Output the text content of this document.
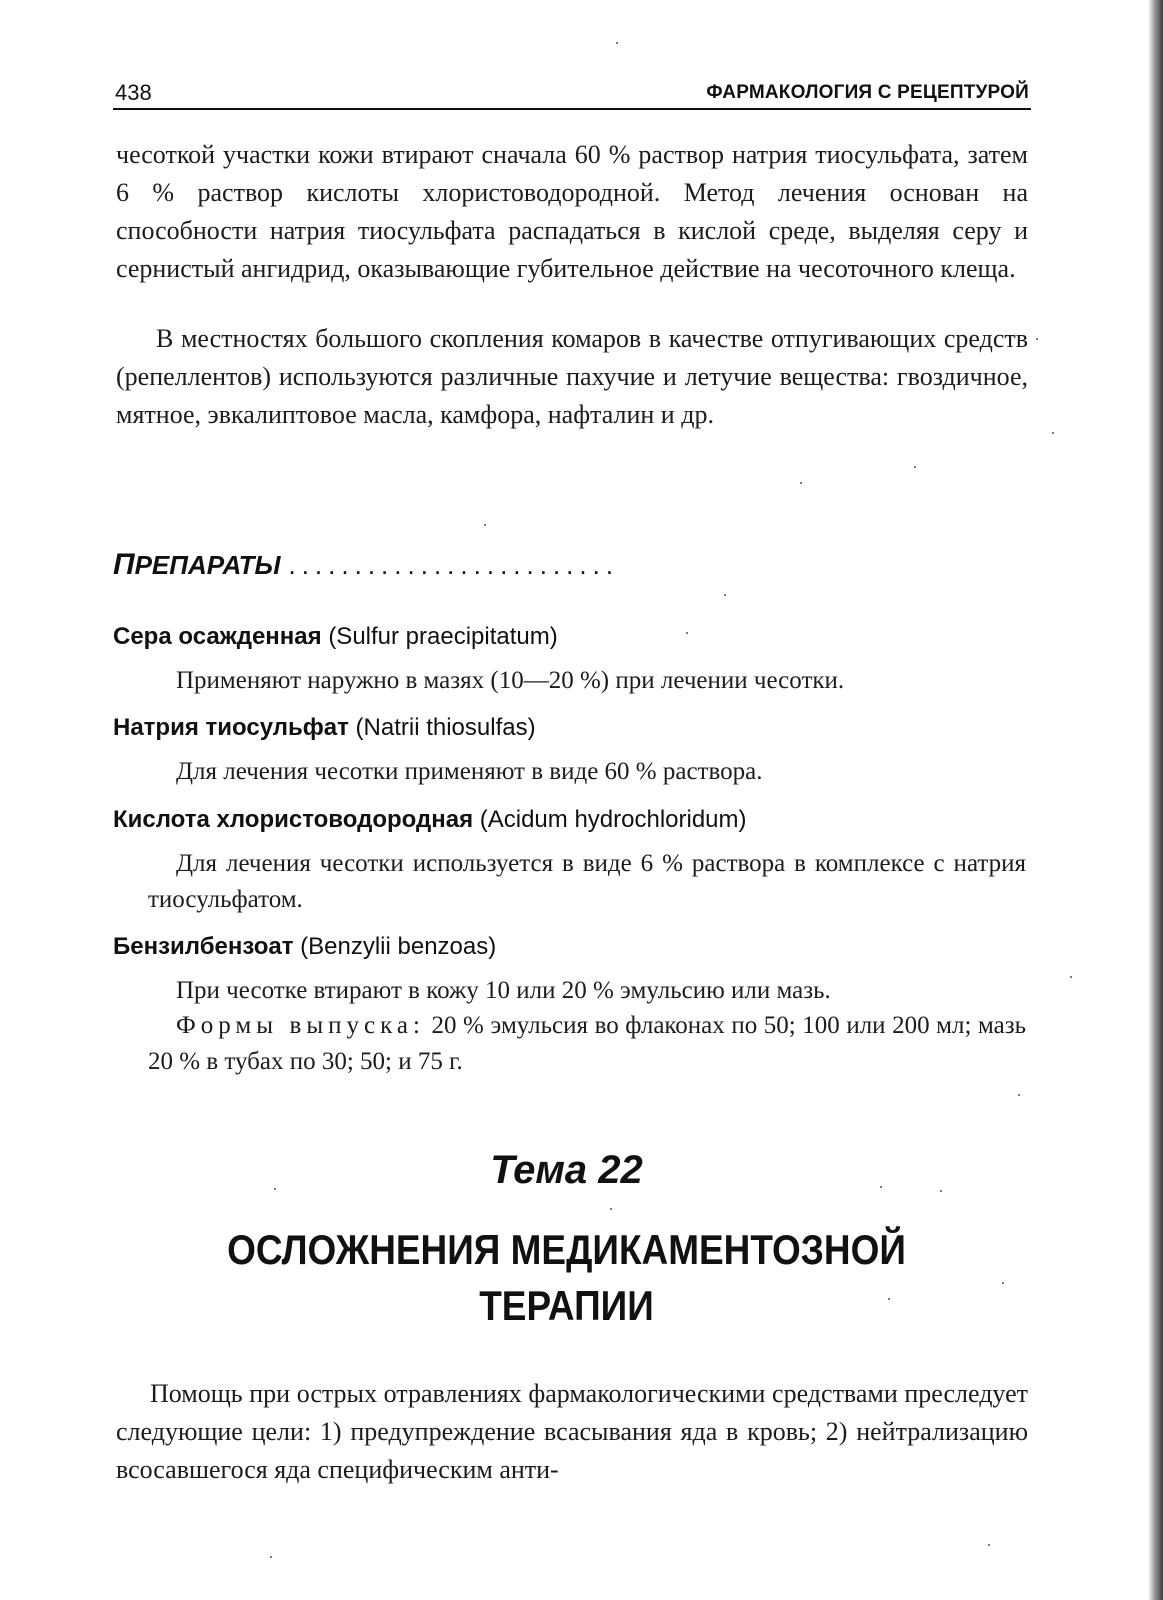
438	ФАРМАКОЛОГИЯ С РЕЦЕПТУРОЙ

чесоткой участки кожи втирают сначала 60 % раствор натрия тиосульфата, затем 6 % раствор кислоты хлористоводородной. Метод лечения основан на способности натрия тиосульфата распадаться в кислой среде, выделяя серу и сернистый ангидрид, оказывающие губительное действие на чесоточного клеща.

В местностях большого скопления комаров в качестве отпугивающих средств (репеллентов) используются различные пахучие и летучие вещества: гвоздичное, мятное, эвкалиптовое масла, камфора, нафталин и др.

ПРЕПАРАТЫ .........................

Сера осажденная (Sulfur praecipitatum)

Применяют наружно в мазях (10—20 %) при лечении чесотки.

Натрия тиосульфат (Natrii thiosulfas)

Для лечения чесотки применяют в виде 60 % раствора.

Кислота хлористоводородная (Acidum hydrochloridum)

Для лечения чесотки используется в виде 6 % раствора в комплексе с натрия тиосульфатом.

Бензилбензоат (Benzylii benzoas)

При чесотке втирают в кожу 10 или 20 % эмульсию или мазь.

Формы выпуска: 20 % эмульсия во флаконах по 50; 100 или 200 мл; мазь 20 % в тубах по 30; 50; и 75 г.

Тема 22
ОСЛОЖНЕНИЯ МЕДИКАМЕНТОЗНОЙ
ТЕРАПИИ

Помощь при острых отравлениях фармакологическими средствами преследует следующие цели: 1) предупреждение всасывания яда в кровь; 2) нейтрализацию всосавшегося яда специфическим анти-
